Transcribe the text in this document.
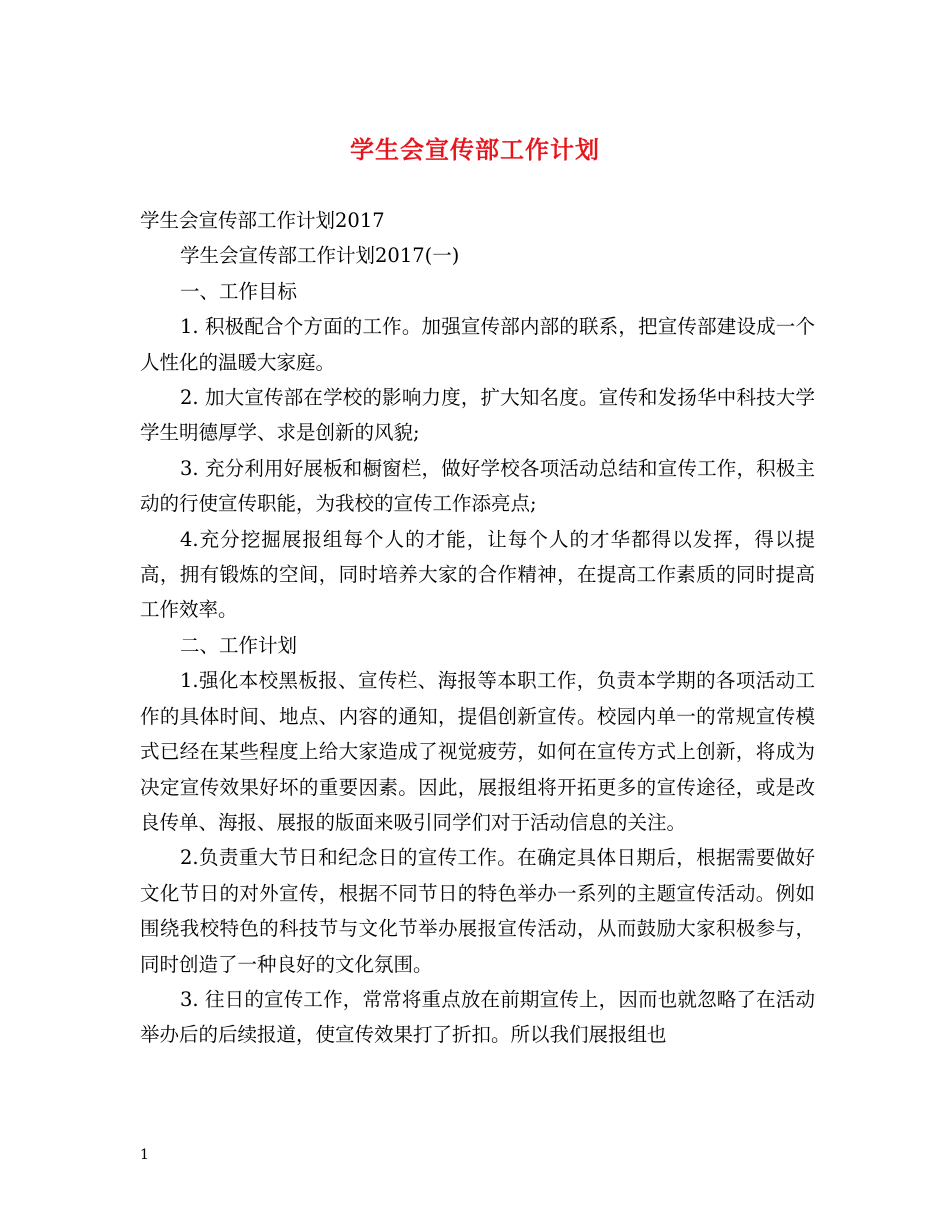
学生会宣传部工作计划

学生会宣传部工作计划2017

学生会宣传部工作计划2017(一)

一、工作目标

1. 积极配合个方面的工作。加强宣传部内部的联系，把宣传部建设成一个人性化的温暖大家庭。

2. 加大宣传部在学校的影响力度，扩大知名度。宣传和发扬华中科技大学学生明德厚学、求是创新的风貌;

3. 充分利用好展板和橱窗栏，做好学校各项活动总结和宣传工作，积极主动的行使宣传职能，为我校的宣传工作添亮点;

4.充分挖掘展报组每个人的才能，让每个人的才华都得以发挥，得以提高，拥有锻炼的空间，同时培养大家的合作精神，在提高工作素质的同时提高工作效率。

二、工作计划

1.强化本校黑板报、宣传栏、海报等本职工作，负责本学期的各项活动工作的具体时间、地点、内容的通知，提倡创新宣传。校园内单一的常规宣传模式已经在某些程度上给大家造成了视觉疲劳，如何在宣传方式上创新，将成为决定宣传效果好坏的重要因素。因此，展报组将开拓更多的宣传途径，或是改良传单、海报、展报的版面来吸引同学们对于活动信息的关注。

2.负责重大节日和纪念日的宣传工作。在确定具体日期后，根据需要做好文化节日的对外宣传，根据不同节日的特色举办一系列的主题宣传活动。例如围绕我校特色的科技节与文化节举办展报宣传活动，从而鼓励大家积极参与，同时创造了一种良好的文化氛围。

3. 往日的宣传工作，常常将重点放在前期宣传上，因而也就忽略了在活动举办后的后续报道，使宣传效果打了折扣。所以我们展报组也

1
